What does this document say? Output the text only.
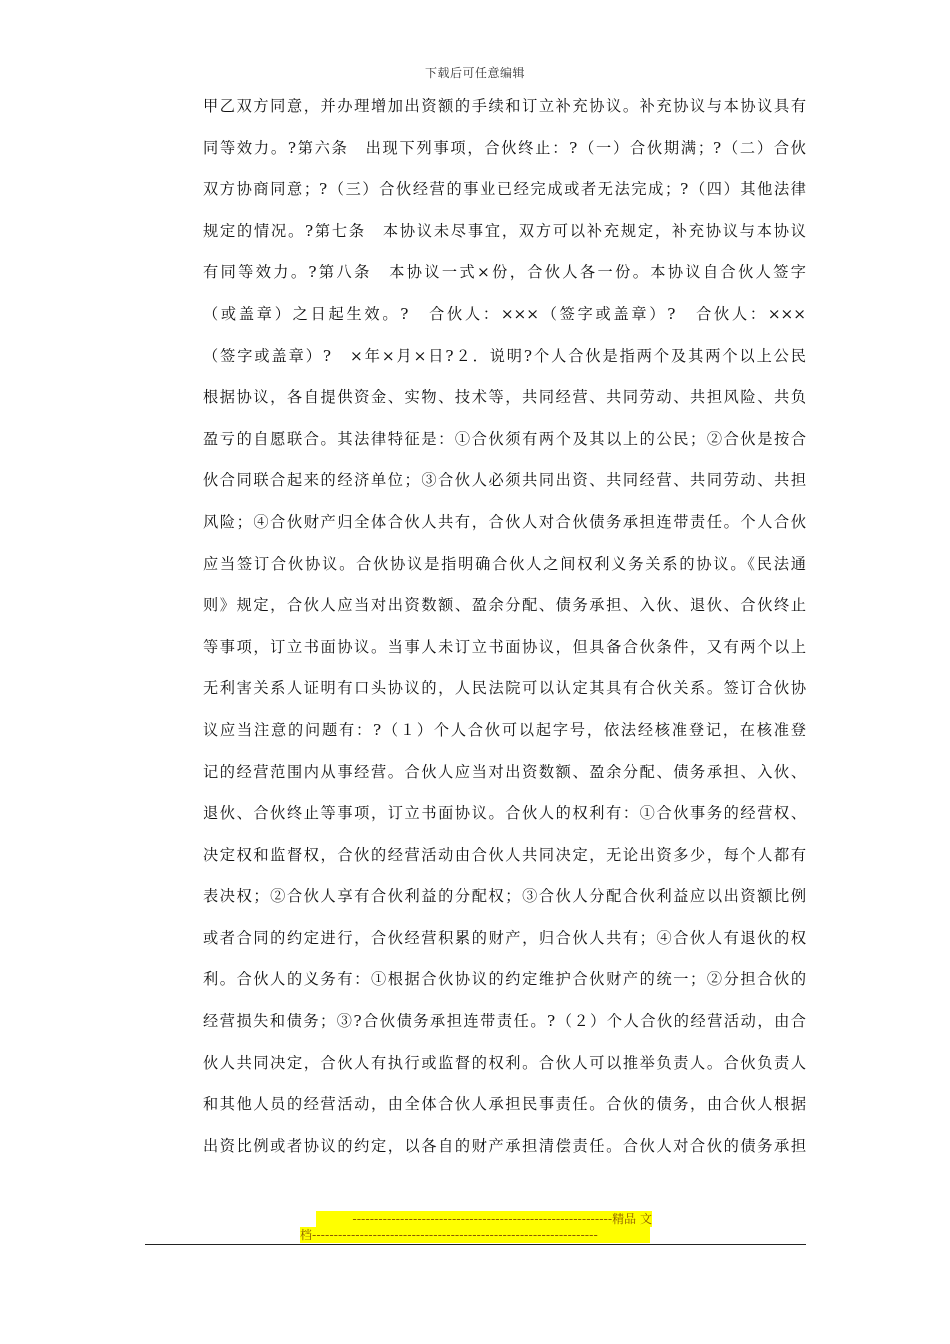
下载后可任意编辑
甲乙双方同意，并办理增加出资额的手续和订立补充协议。补充协议与本协议具有
同等效力。?第六条　出现下列事项，合伙终止：?（一）合伙期满；?（二）合伙
双方协商同意；?（三）合伙经营的事业已经完成或者无法完成；?（四）其他法律
规定的情况。?第七条　本协议未尽事宜，双方可以补充规定，补充协议与本协议
有同等效力。?第八条　本协议一式×份，合伙人各一份。本协议自合伙人签字
（或盖章）之日起生效。?　合伙人：×××（签字或盖章）?　合伙人：×××
（签字或盖章）?　×年×月×日?２．说明?个人合伙是指两个及其两个以上公民
根据协议，各自提供资金、实物、技术等，共同经营、共同劳动、共担风险、共负
盈亏的自愿联合。其法律特征是：①合伙须有两个及其以上的公民；②合伙是按合
伙合同联合起来的经济单位；③合伙人必须共同出资、共同经营、共同劳动、共担
风险；④合伙财产归全体合伙人共有，合伙人对合伙债务承担连带责任。个人合伙
应当签订合伙协议。合伙协议是指明确合伙人之间权利义务关系的协议。《民法通
则》规定，合伙人应当对出资数额、盈余分配、债务承担、入伙、退伙、合伙终止
等事项，订立书面协议。当事人未订立书面协议，但具备合伙条件，又有两个以上
无利害关系人证明有口头协议的，人民法院可以认定其具有合伙关系。签订合伙协
议应当注意的问题有：?（１）个人合伙可以起字号，依法经核准登记，在核准登
记的经营范围内从事经营。合伙人应当对出资数额、盈余分配、债务承担、入伙、
退伙、合伙终止等事项，订立书面协议。合伙人的权利有：①合伙事务的经营权、
决定权和监督权，合伙的经营活动由合伙人共同决定，无论出资多少，每个人都有
表决权；②合伙人享有合伙利益的分配权；③合伙人分配合伙利益应以出资额比例
或者合同的约定进行，合伙经营积累的财产，归合伙人共有；④合伙人有退伙的权
利。合伙人的义务有：①根据合伙协议的约定维护合伙财产的统一；②分担合伙的
经营损失和债务；③?合伙债务承担连带责任。?（２）个人合伙的经营活动，由合
伙人共同决定，合伙人有执行或监督的权利。合伙人可以推举负责人。合伙负责人
和其他人员的经营活动，由全体合伙人承担民事责任。合伙的债务，由合伙人根据
出资比例或者协议的约定，以各自的财产承担清偿责任。合伙人对合伙的债务承担
------------------------------------------------------------精品 文
档------------------------------------------------------------------
